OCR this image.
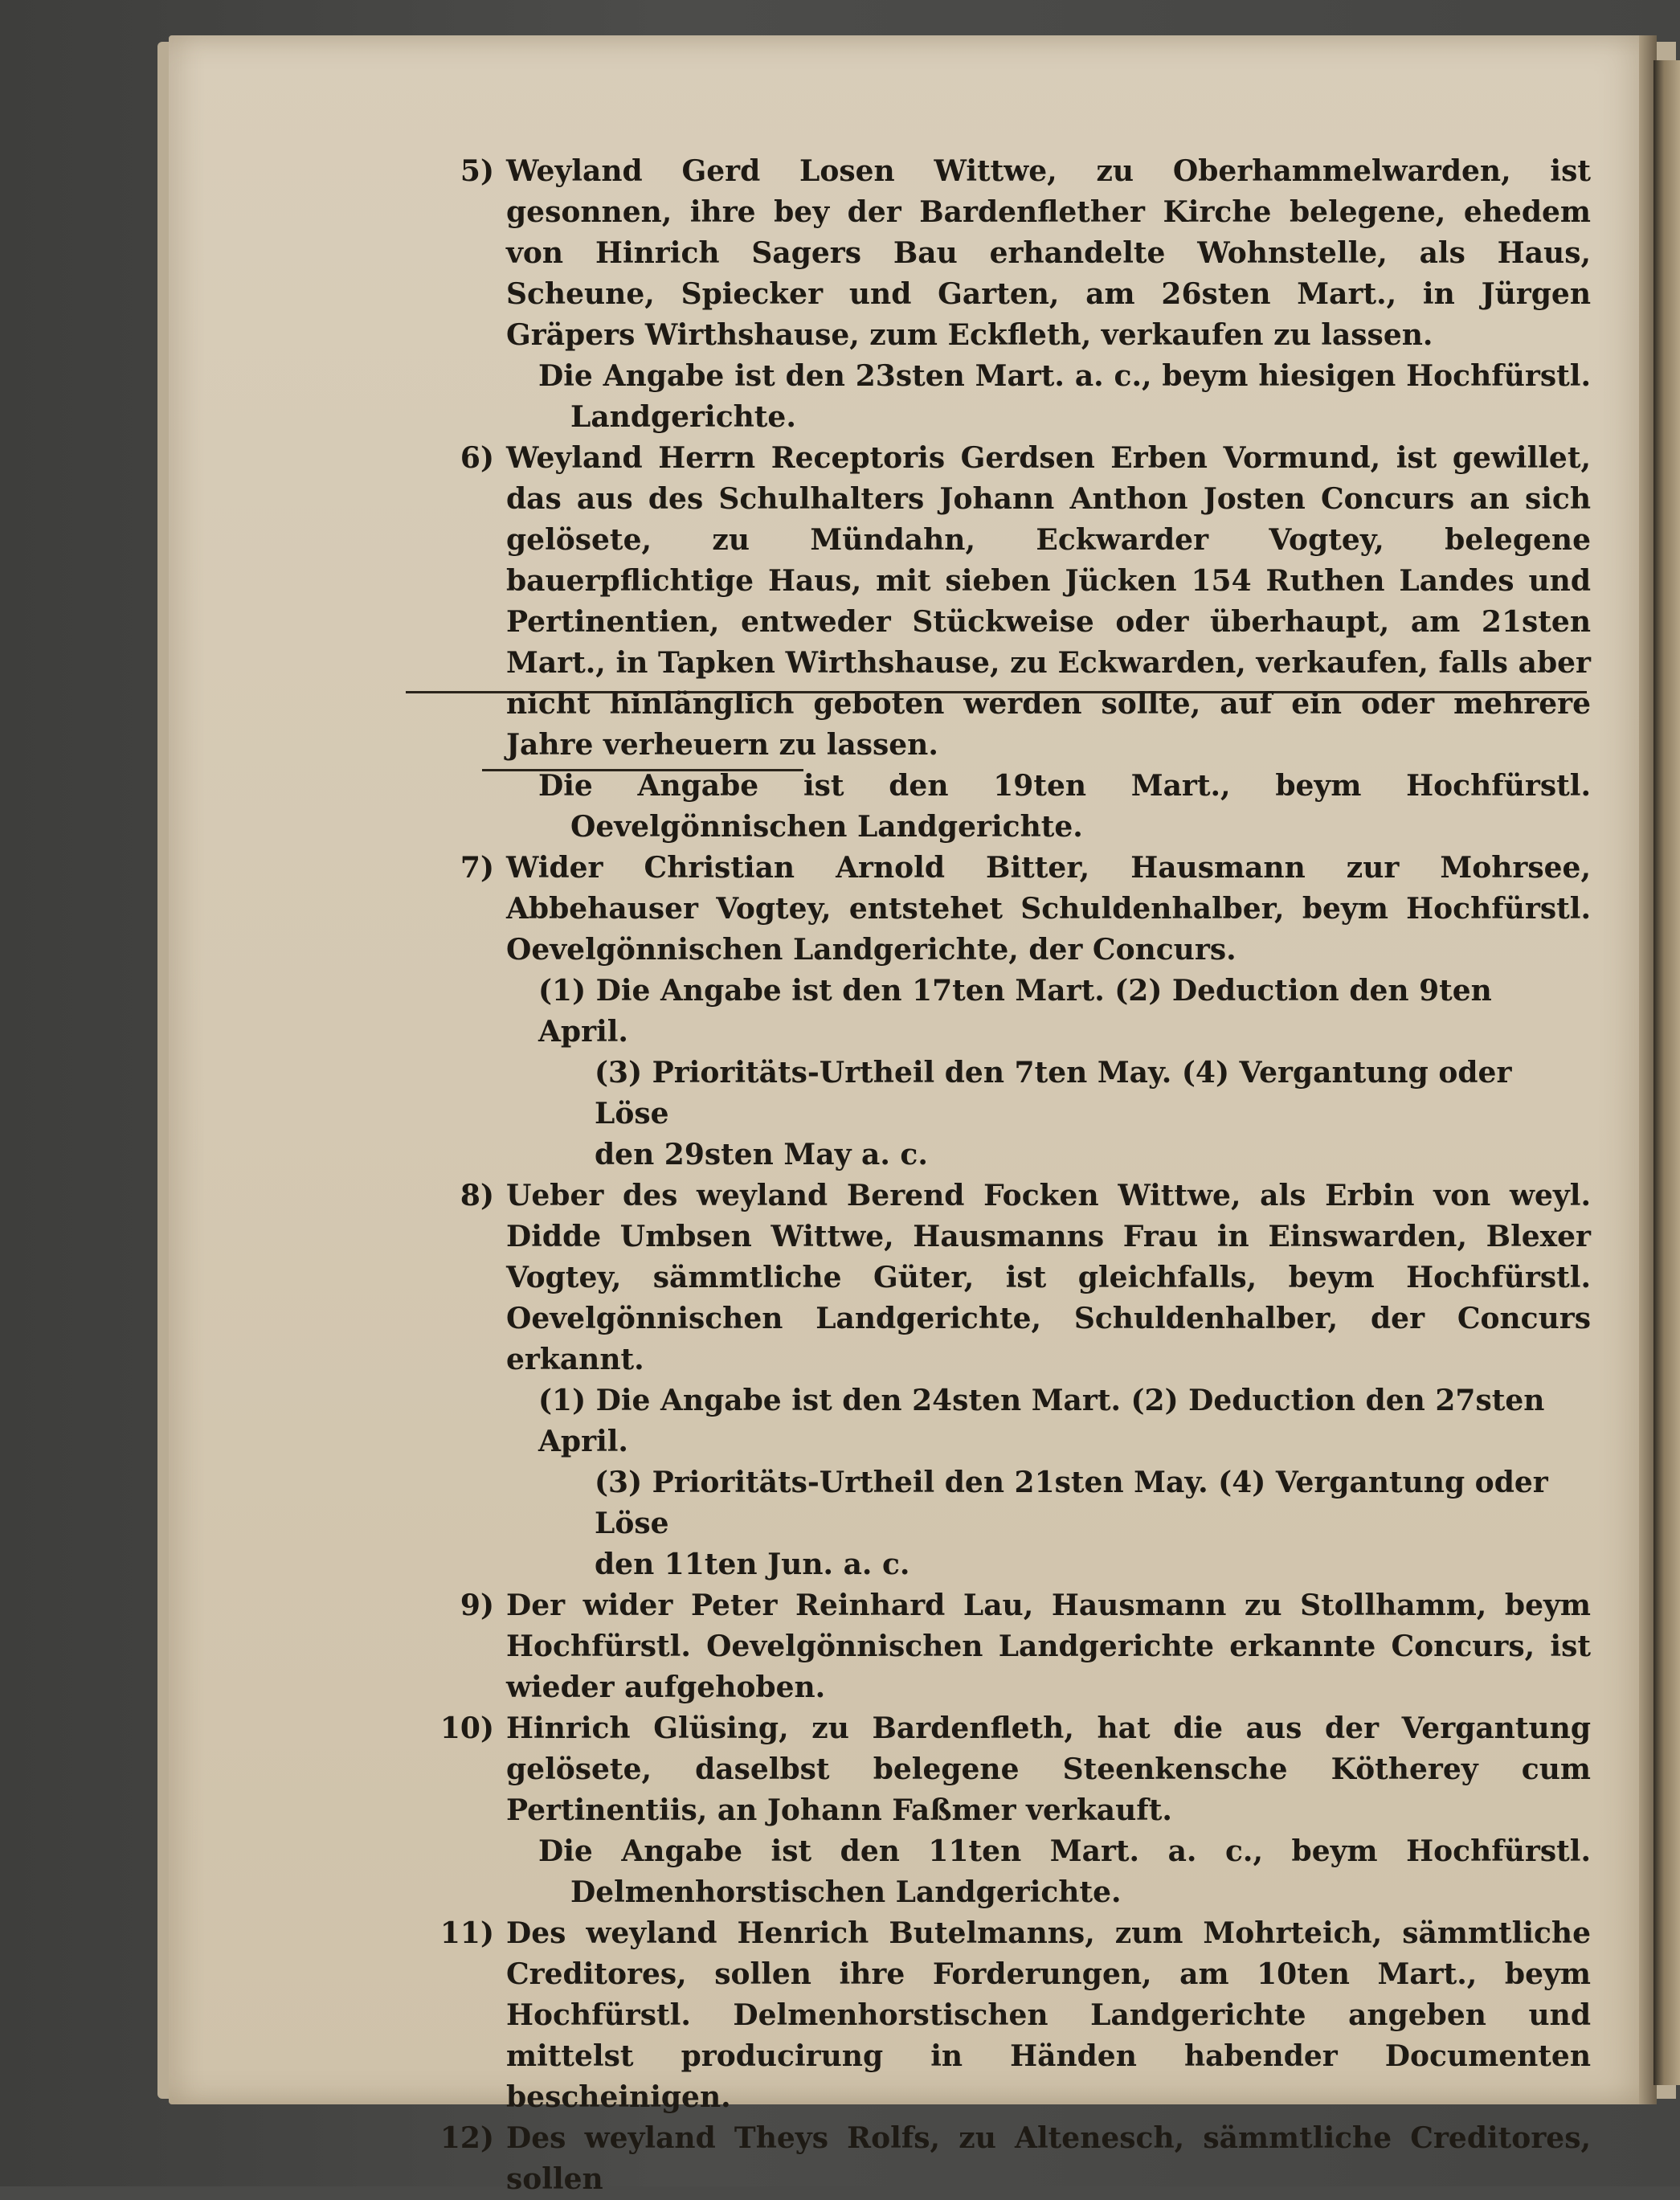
5) Weyland Gerd Losen Wittwe, zu Oberhammelwarden, ist gesonnen, ihre bey der Bardenflether Kirche belegene, ehedem von Hinrich Sagers Bau erhandelte Wohnstelle, als Haus, Scheune, Spiecker und Garten, am 26sten Mart., in Jürgen Gräpers Wirthshause, zum Eckfleth, verkaufen zu lassen.
Die Angabe ist den 23sten Mart. a. c., beym hiesigen Hochfürstl. Landgerichte.
6) Weyland Herrn Receptoris Gerdsen Erben Vormund, ist gewillet, das aus des Schulhalters Johann Anthon Josten Concurs an sich gelösete, zu Mündahn, Eckwarder Vogtey, belegene bauerpflichtige Haus, mit sieben Jücken 154 Ruthen Landes und Pertinentien, entweder Stückweise oder überhaupt, am 21sten Mart., in Tapken Wirthshause, zu Eckwarden, verkaufen, falls aber nicht hinlänglich geboten werden sollte, auf ein oder mehrere Jahre verheuern zu lassen.
Die Angabe ist den 19ten Mart., beym Hochfürstl. Oevelgönnischen Landgerichte.
7) Wider Christian Arnold Bitter, Hausmann zur Mohrsee, Abbehauser Vogtey, entstehet Schuldenhalber, beym Hochfürstl. Oevelgönnischen Landgerichte, der Concurs.
(1) Die Angabe ist den 17ten Mart. (2) Deduction den 9ten April.
(3) Prioritäts-Urtheil den 7ten May. (4) Vergantung oder Löse
den 29sten May a. c.
8) Ueber des weyland Berend Focken Wittwe, als Erbin von weyl. Didde Umbsen Wittwe, Hausmanns Frau in Einswarden, Blexer Vogtey, sämmtliche Güter, ist gleichfalls, beym Hochfürstl. Oevelgönnischen Landgerichte, Schuldenhalber, der Concurs erkannt.
(1) Die Angabe ist den 24sten Mart. (2) Deduction den 27sten April.
(3) Prioritäts-Urtheil den 21sten May. (4) Vergantung oder Löse
den 11ten Jun. a. c.
9) Der wider Peter Reinhard Lau, Hausmann zu Stollhamm, beym Hochfürstl. Oevelgönnischen Landgerichte erkannte Concurs, ist wieder aufgehoben.
10) Hinrich Glüsing, zu Bardenfleth, hat die aus der Vergantung gelösete, daselbst belegene Steenkensche Kötherey cum Pertinentiis, an Johann Faßmer verkauft.
Die Angabe ist den 11ten Mart. a. c., beym Hochfürstl. Delmenhorstischen Landgerichte.
11) Des weyland Henrich Butelmanns, zum Mohrteich, sämmtliche Creditores, sollen ihre Forderungen, am 10ten Mart., beym Hochfürstl. Delmenhorstischen Landgerichte angeben und mittelst producirung in Händen habender Documenten bescheinigen.
12) Des weyland Theys Rolfs, zu Altenesch, sämmtliche Creditores, sollen
